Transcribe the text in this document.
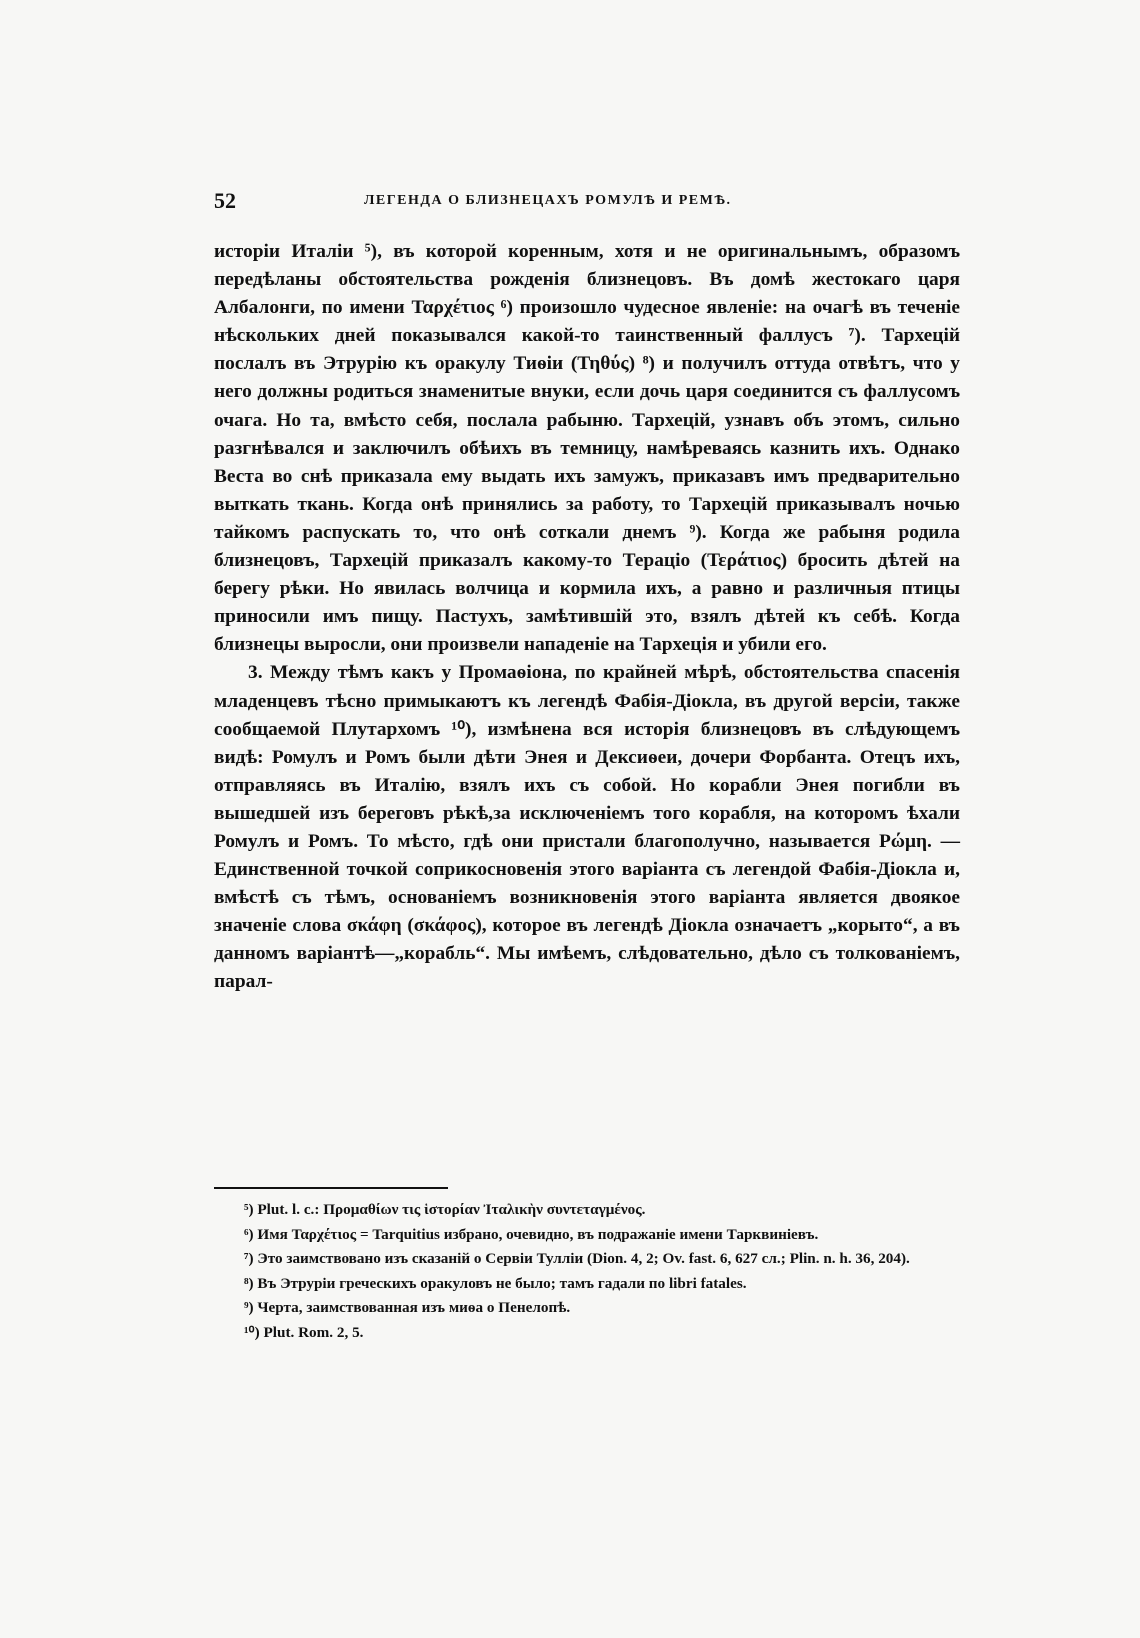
52	ЛЕГЕНДА О БЛИЗНЕЦАХЪ РОМУЛѢ И РЕМѢ.

исторіи Италіи ⁵), въ которой коренным, хотя и не оригинальнымъ, образомъ передѣланы обстоятельства рожденія близнецовъ. Въ домѣ жестокаго царя Албалонги, по имени Ταρχέτιος ⁶) произошло чудесное явленіе: на очагѣ въ теченіе нѣскольких дней показывался какой-то таинственный фаллусъ ⁷). Тархецій послалъ въ Этрурію къ оракулу Тиѳіи (Τηθύς) ⁸) и получилъ оттуда отвѣтъ, что у него должны родиться знаменитые внуки, если дочь царя соединится съ фаллусомъ очага. Но та, вмѣсто себя, послала рабыню. Тархецій, узнавъ объ этомъ, сильно разгнѣвался и заключилъ обѣихъ въ темницу, намѣреваясь казнить ихъ. Однако Веста во снѣ приказала ему выдать ихъ замужъ, приказавъ имъ предварительно выткать ткань. Когда онѣ принялись за работу, то Тархецій приказывалъ ночью тайкомъ распускать то, что онѣ соткали днемъ ⁹). Когда же рабыня родила близнецовъ, Тархецій приказалъ какому-то Тераціо (Τεράτιος) бросить дѣтей на берегу рѣки. Но явилась волчица и кормила ихъ, а равно и различныя птицы приносили имъ пищу. Пастухъ, замѣтившій это, взялъ дѣтей къ себѣ. Когда близнецы выросли, они произвели нападеніе на Тархеція и убили его.

3. Между тѣмъ какъ у Промаѳіона, по крайней мѣрѣ, обстоятельства спасенія младенцевъ тѣсно примыкаютъ къ легендѣ Фабія-Діокла, въ другой версіи, также сообщаемой Плутархомъ ¹⁰), измѣнена вся исторія близнецовъ въ слѣдующемъ видѣ: Ромулъ и Ромъ были дѣти Энея и Дексиѳеи, дочери Форбанта. Отецъ ихъ, отправляясь въ Италію, взялъ ихъ съ собой. Но корабли Энея погибли въ вышедшей изъ береговъ рѣкѣ,за исключеніемъ того корабля, на которомъ ѣхали Ромулъ и Ромъ. То мѣсто, гдѣ они пристали благополучно, называется Ρώμη. — Единственной точкой соприкосновенія этого варіанта съ легендой Фабія-Діокла и, вмѣстѣ съ тѣмъ, основаніемъ возникновенія этого варіанта является двоякое значеніе слова σκάφη (σκάφος), которое въ легендѣ Діокла означаетъ „корыто“, а въ данномъ варіантѣ—„корабль“. Мы имѣемъ, слѣдовательно, дѣло съ толкованіемъ, парал-

⁵) Plut. l. c.: Προμαθίων τις ἱστορίαν Ἰταλικὴν συντεταγμένος.

⁶) Имя Ταρχέτιος = Tarquitius избрано, очевидно, въ подражаніе имени Тарквиніевъ.

⁷) Это заимствовано изъ сказаній о Сервіи Тулліи (Dion. 4, 2; Ov. fast. 6, 627 сл.; Plin. n. h. 36, 204).

⁸) Въ Этруріи греческихъ оракуловъ не было; тамъ гадали по libri fatales.

⁹) Черта, заимствованная изъ миѳа о Пенелопѣ.

¹⁰) Plut. Rom. 2, 5.
